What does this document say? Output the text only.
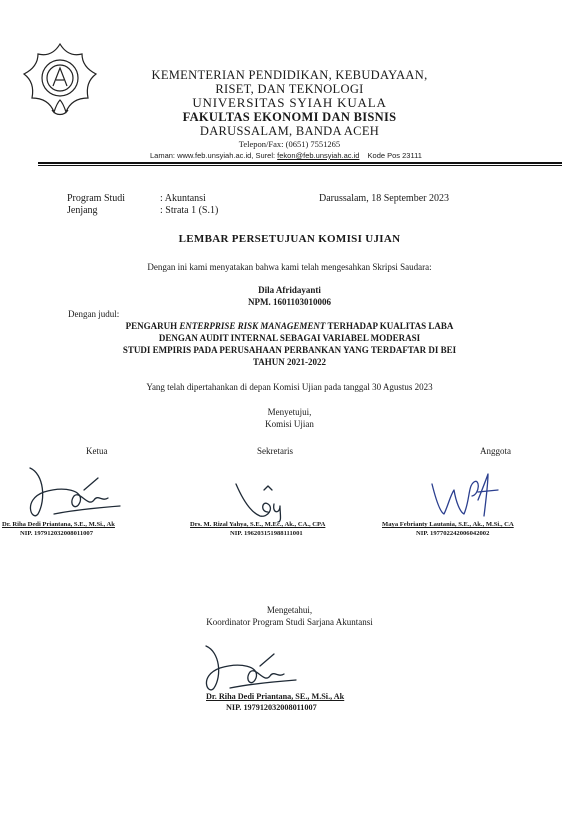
KEMENTERIAN PENDIDIKAN, KEBUDAYAAN,
RISET, DAN TEKNOLOGI
UNIVERSITAS SYIAH KUALA
FAKULTAS EKONOMI DAN BISNIS
DARUSSALAM, BANDA ACEH
Telepon/Fax: (0651) 7551265
Laman: www.feb.unsyiah.ac.id, Surel: fekon@feb.unsyiah.ac.id Kode Pos 23111
Program Studi	: Akuntansi
Jenjang	: Strata 1 (S.1)
Darussalam, 18 September 2023
LEMBAR PERSETUJUAN KOMISI UJIAN
Dengan ini kami menyatakan bahwa kami telah mengesahkan Skripsi Saudara:
Dila Afridayanti
NPM. 1601103010006
Dengan judul:
PENGARUH ENTERPRISE RISK MANAGEMENT TERHADAP KUALITAS LABA
DENGAN AUDIT INTERNAL SEBAGAI VARIABEL MODERASI
STUDI EMPIRIS PADA PERUSAHAAN PERBANKAN YANG TERDAFTAR DI BEI
TAHUN 2021-2022
Yang telah dipertahankan di depan Komisi Ujian pada tanggal 30 Agustus 2023
Menyetujui,
Komisi Ujian
Ketua	Sekretaris	Anggota
Dr. Riha Dedi Priantana, S.E., M.Si., Ak
NIP. 197912032008011007
Drs. M. Rizal Yahya, S.E., M.Ec., Ak., CA., CPA
NIP. 196203151988111001
Maya Febrianty Lautania, S.E., Ak., M.Si., CA
NIP. 197702242006042002
Mengetahui,
Koordinator Program Studi Sarjana Akuntansi
Dr. Riha Dedi Priantana, SE., M.Si., Ak
NIP. 197912032008011007
